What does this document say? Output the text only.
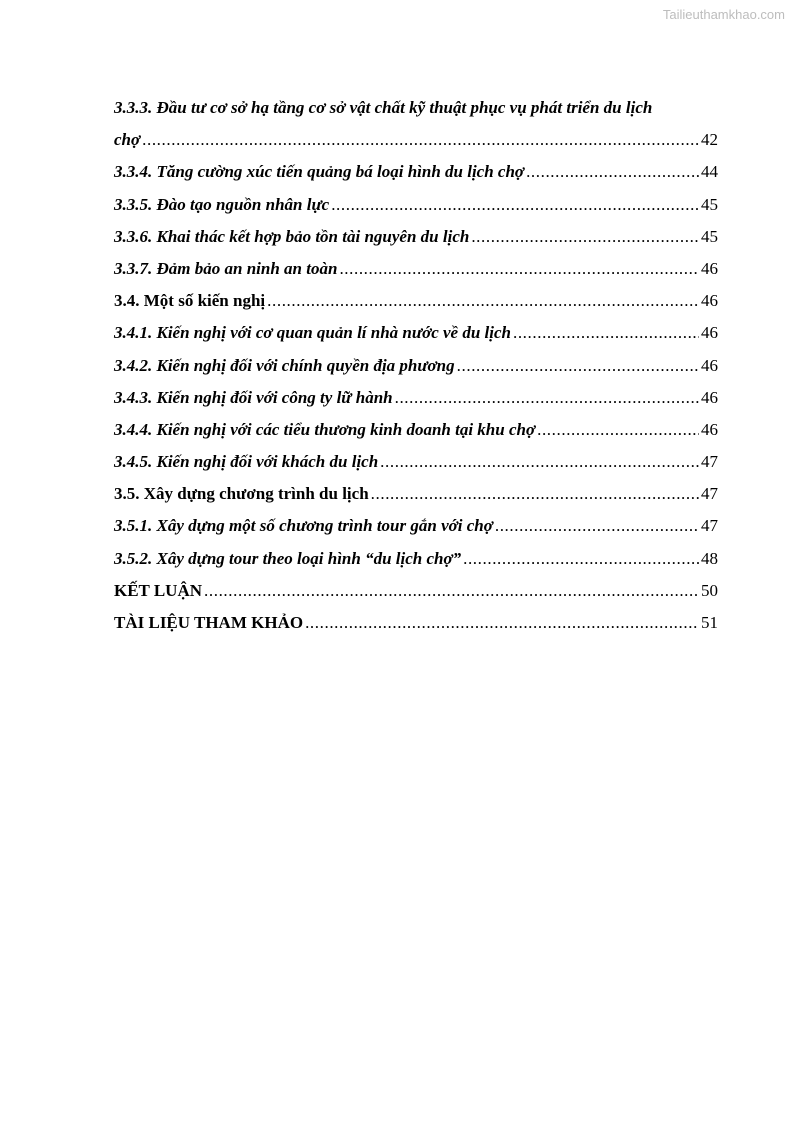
Tailieuthamkhao.com
3.3.3. Đầu tư cơ sở hạ tầng cơ sở vật chất kỹ thuật phục vụ phát triển du lịch
chợ .....	42
3.3.4. Tăng cường xúc tiến quảng bá loại hình du lịch chợ .....	44
3.3.5. Đào tạo nguồn nhân lực .....	45
3.3.6. Khai thác kết hợp bảo tồn tài nguyên du lịch .....	45
3.3.7. Đảm bảo an ninh an toàn .....	46
3.4. Một số kiến nghị .....	46
3.4.1. Kiến nghị với cơ quan quản lí nhà nước về du lịch .....	46
3.4.2. Kiến nghị đối với chính quyền địa phương .....	46
3.4.3. Kiến nghị đối với công ty lữ hành .....	46
3.4.4. Kiến nghị với các tiểu thương kinh doanh tại khu chợ .....	46
3.4.5. Kiến nghị đối với khách du lịch .....	47
3.5. Xây dựng chương trình du lịch .....	47
3.5.1. Xây dựng một số chương trình tour gắn với chợ .....	47
3.5.2. Xây dựng tour theo loại hình “du lịch chợ” .....	48
KẾT LUẬN .....	50
TÀI LIỆU THAM KHẢO .....	51
